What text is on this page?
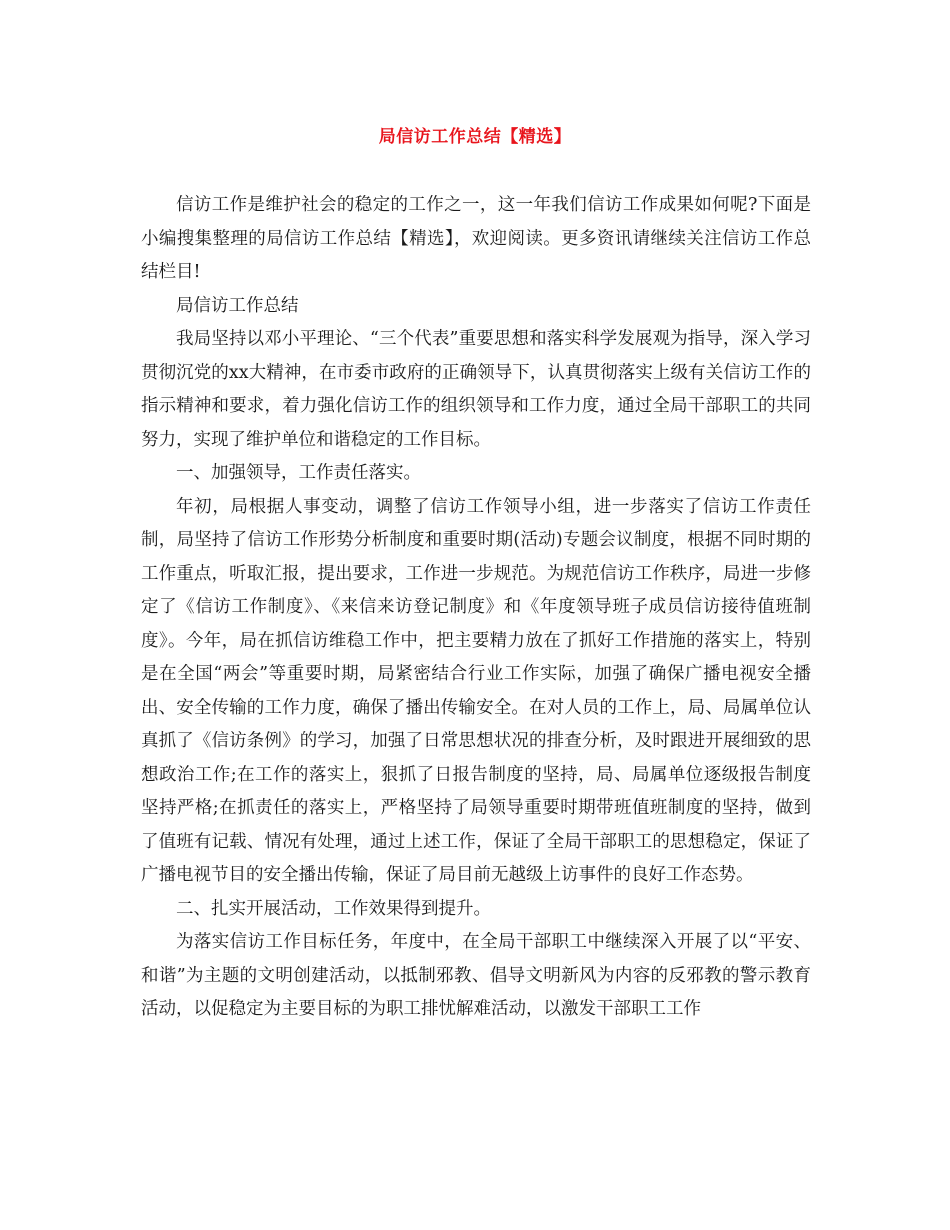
局信访工作总结【精选】

信访工作是维护社会的稳定的工作之一，这一年我们信访工作成果如何呢?下面是小编搜集整理的局信访工作总结【精选】，欢迎阅读。更多资讯请继续关注信访工作总结栏目!

局信访工作总结

我局坚持以邓小平理论、“三个代表”重要思想和落实科学发展观为指导，深入学习贯彻沉党的xx大精神，在市委市政府的正确领导下，认真贯彻落实上级有关信访工作的指示精神和要求，着力强化信访工作的组织领导和工作力度，通过全局干部职工的共同努力，实现了维护单位和谐稳定的工作目标。

一、加强领导，工作责任落实。

年初，局根据人事变动，调整了信访工作领导小组，进一步落实了信访工作责任制，局坚持了信访工作形势分析制度和重要时期(活动)专题会议制度，根据不同时期的工作重点，听取汇报，提出要求，工作进一步规范。为规范信访工作秩序，局进一步修定了《信访工作制度》、《来信来访登记制度》和《年度领导班子成员信访接待值班制度》。今年，局在抓信访维稳工作中，把主要精力放在了抓好工作措施的落实上，特别是在全国“两会”等重要时期，局紧密结合行业工作实际，加强了确保广播电视安全播出、安全传输的工作力度，确保了播出传输安全。在对人员的工作上，局、局属单位认真抓了《信访条例》的学习，加强了日常思想状况的排查分析，及时跟进开展细致的思想政治工作;在工作的落实上，狠抓了日报告制度的坚持，局、局属单位逐级报告制度坚持严格;在抓责任的落实上，严格坚持了局领导重要时期带班值班制度的坚持，做到了值班有记载、情况有处理，通过上述工作，保证了全局干部职工的思想稳定，保证了广播电视节目的安全播出传输，保证了局目前无越级上访事件的良好工作态势。

二、扎实开展活动，工作效果得到提升。

为落实信访工作目标任务，年度中，在全局干部职工中继续深入开展了以“平安、和谐”为主题的文明创建活动，以抵制邪教、倡导文明新风为内容的反邪教的警示教育活动，以促稳定为主要目标的为职工排忧解难活动，以激发干部职工工作
